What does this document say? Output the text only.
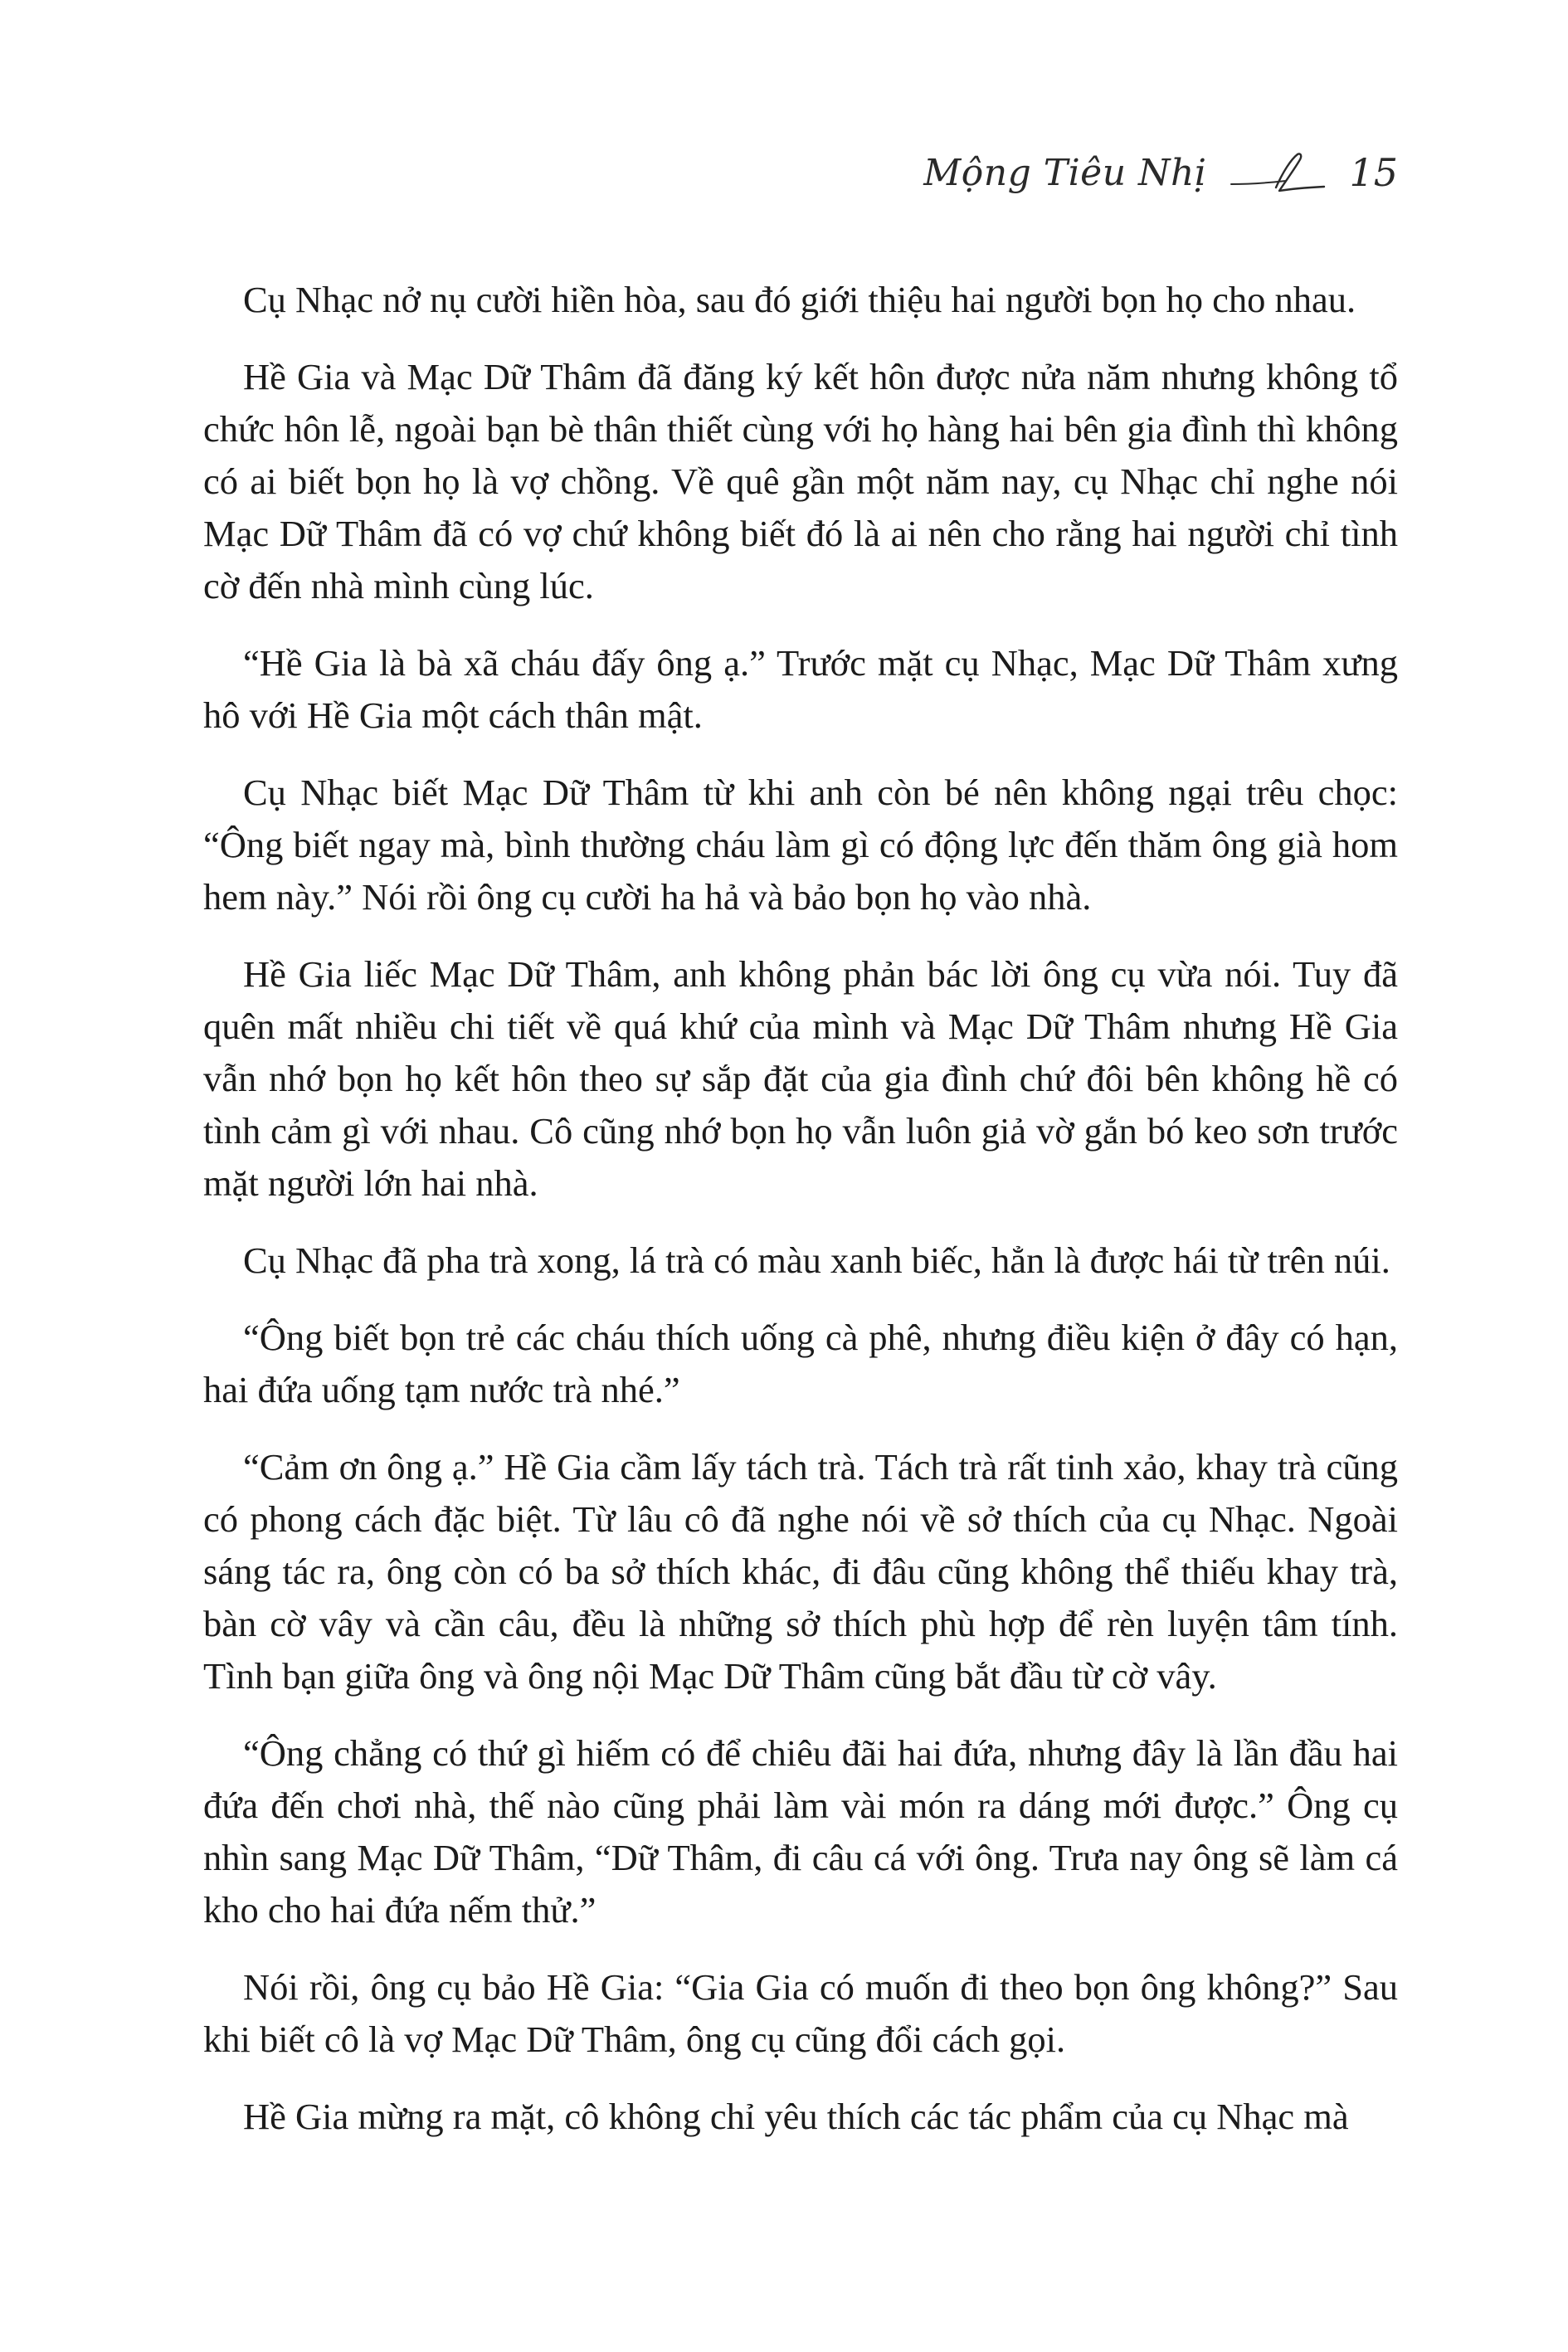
Mộng Tiêu Nhị	15

Cụ Nhạc nở nụ cười hiền hòa, sau đó giới thiệu hai người bọn họ cho nhau.

Hề Gia và Mạc Dữ Thâm đã đăng ký kết hôn được nửa năm nhưng không tổ chức hôn lễ, ngoài bạn bè thân thiết cùng với họ hàng hai bên gia đình thì không có ai biết bọn họ là vợ chồng. Về quê gần một năm nay, cụ Nhạc chỉ nghe nói Mạc Dữ Thâm đã có vợ chứ không biết đó là ai nên cho rằng hai người chỉ tình cờ đến nhà mình cùng lúc.

“Hề Gia là bà xã cháu đấy ông ạ.” Trước mặt cụ Nhạc, Mạc Dữ Thâm xưng hô với Hề Gia một cách thân mật.

Cụ Nhạc biết Mạc Dữ Thâm từ khi anh còn bé nên không ngại trêu chọc: “Ông biết ngay mà, bình thường cháu làm gì có động lực đến thăm ông già hom hem này.” Nói rồi ông cụ cười ha hả và bảo bọn họ vào nhà.

Hề Gia liếc Mạc Dữ Thâm, anh không phản bác lời ông cụ vừa nói. Tuy đã quên mất nhiều chi tiết về quá khứ của mình và Mạc Dữ Thâm nhưng Hề Gia vẫn nhớ bọn họ kết hôn theo sự sắp đặt của gia đình chứ đôi bên không hề có tình cảm gì với nhau. Cô cũng nhớ bọn họ vẫn luôn giả vờ gắn bó keo sơn trước mặt người lớn hai nhà.

Cụ Nhạc đã pha trà xong, lá trà có màu xanh biếc, hẳn là được hái từ trên núi.

“Ông biết bọn trẻ các cháu thích uống cà phê, nhưng điều kiện ở đây có hạn, hai đứa uống tạm nước trà nhé.”

“Cảm ơn ông ạ.” Hề Gia cầm lấy tách trà. Tách trà rất tinh xảo, khay trà cũng có phong cách đặc biệt. Từ lâu cô đã nghe nói về sở thích của cụ Nhạc. Ngoài sáng tác ra, ông còn có ba sở thích khác, đi đâu cũng không thể thiếu khay trà, bàn cờ vây và cần câu, đều là những sở thích phù hợp để rèn luyện tâm tính. Tình bạn giữa ông và ông nội Mạc Dữ Thâm cũng bắt đầu từ cờ vây.

“Ông chẳng có thứ gì hiếm có để chiêu đãi hai đứa, nhưng đây là lần đầu hai đứa đến chơi nhà, thế nào cũng phải làm vài món ra dáng mới được.” Ông cụ nhìn sang Mạc Dữ Thâm, “Dữ Thâm, đi câu cá với ông. Trưa nay ông sẽ làm cá kho cho hai đứa nếm thử.”

Nói rồi, ông cụ bảo Hề Gia: “Gia Gia có muốn đi theo bọn ông không?” Sau khi biết cô là vợ Mạc Dữ Thâm, ông cụ cũng đổi cách gọi.

Hề Gia mừng ra mặt, cô không chỉ yêu thích các tác phẩm của cụ Nhạc mà
